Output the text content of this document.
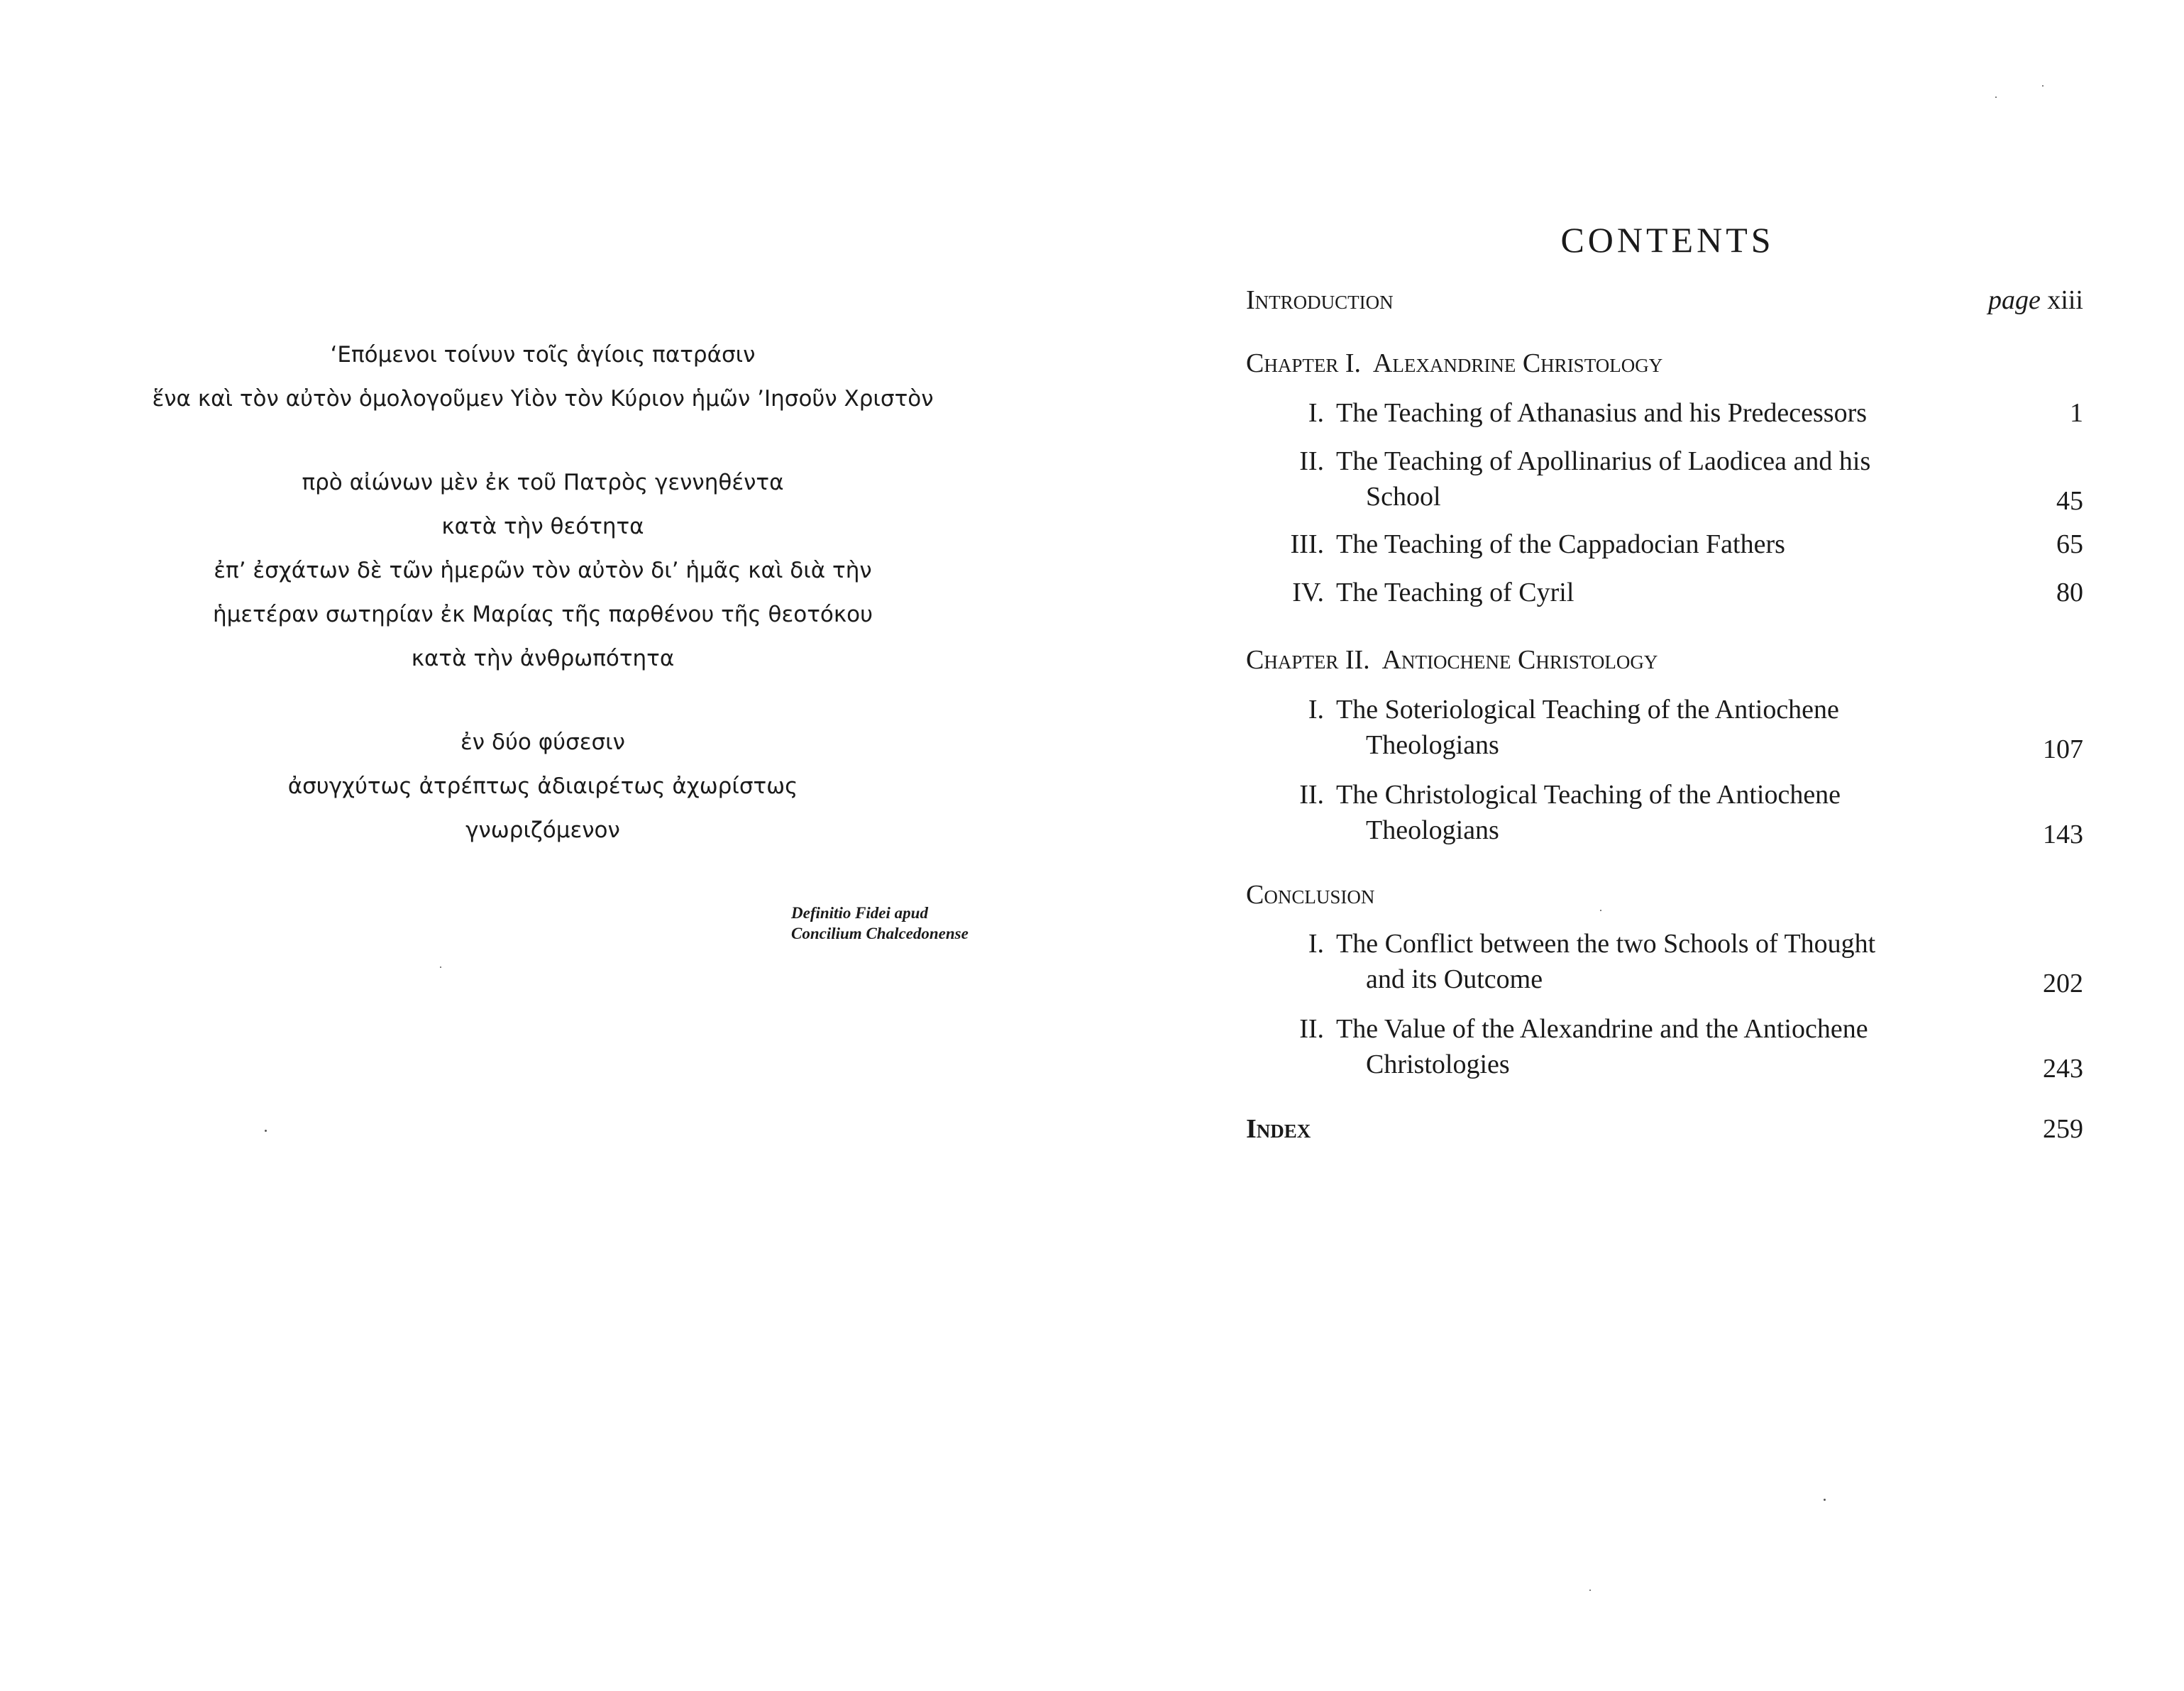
‘Επόμενοι τοίνυν τοῖς ἁγίοις πατράσιν
ἕνα καὶ τὸν αὐτὸν ὁμολογοῦμεν Υἱὸν τὸν Κύριον ἡμῶν ’Ιησοῦν Χριστὸν
πρὸ αἰώνων μὲν ἐκ τοῦ Πατρὸς γεννηθέντα
κατὰ τὴν θεότητα
ἐπ’ ἐσχάτων δὲ τῶν ἡμερῶν τὸν αὐτὸν δι’ ἡμᾶς καὶ διὰ τὴν
ἡμετέραν σωτηρίαν ἐκ Μαρίας τῆς παρθένου τῆς θεοτόκου
κατὰ τὴν ἀνθρωπότητα
ἐν δύο φύσεσιν
ἀσυγχύτως ἀτρέπτως ἀδιαιρέτως ἀχωρίστως
γνωριζόμενον
Definitio Fidei apud
Concilium Chalcedonense
CONTENTS
Introduction	page xiii
Chapter I. Alexandrine Christology
I. The Teaching of Athanasius and his Predecessors	1
II. The Teaching of Apollinarius of Laodicea and his
School	45
III. The Teaching of the Cappadocian Fathers	65
IV. The Teaching of Cyril	80
Chapter II. Antiochene Christology
I. The Soteriological Teaching of the Antiochene
Theologians	107
II. The Christological Teaching of the Antiochene
Theologians	143
Conclusion
I. The Conflict between the two Schools of Thought
and its Outcome	202
II. The Value of the Alexandrine and the Antiochene
Christologies	243
Index	259
